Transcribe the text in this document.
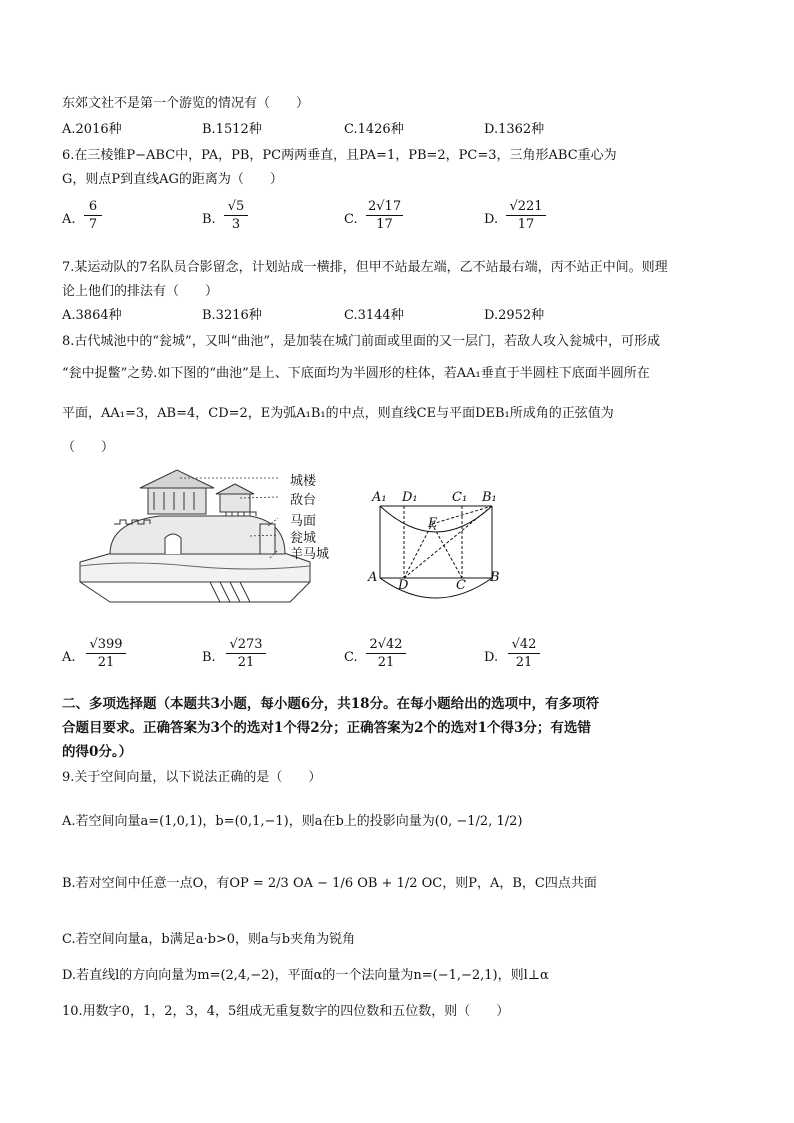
东郊文社不是第一个游览的情况有（　　）
A.2016种	B.1512种	C.1426种	D.1362种
6.在三棱锥P−ABC中，PA，PB，PC两两垂直，且PA=1，PB=2，PC=3，三角形ABC重心为
G，则点P到直线AG的距离为（　　）
A. $\frac{6}{7}$	B. $\frac{√5}{3}$	C. $\frac{2√17}{17}$	D. $\frac{√221}{17}$
7.某运动队的7名队员合影留念，计划站成一横排，但甲不站最左端，乙不站最右端，丙不站正中间。则理
论上他们的排法有（　　）
A.3864种	B.3216种	C.3144种	D.2952种
8.古代城池中的“瓮城”，又叫“曲池”，是加装在城门前面或里面的又一层门，若敌人攻入瓮城中，可形成
“瓮中捉鳖”之势.如下图的“曲池”是上、下底面均为半圆形的柱体，若AA₁垂直于半圆柱下底面半圆所在
平面，AA₁=3，AB=4，CD=2，E为弧A₁B₁的中点，则直线CE与平面DEB₁所成角的正弦值为
（　　）
城楼
敌台
马面
瓮城
羊马城
A₁ D₁	C₁ B₁
E
A
D	C
B
A. $\frac{√399}{21}$	B. $\frac{√273}{21}$	C. $\frac{2√42}{21}$	D. $\frac{√42}{21}$
二、多项选择题（本题共3小题，每小题6分，共18分。在每小题给出的选项中，有多项符
合题目要求。正确答案为3个的选对1个得2分；正确答案为2个的选对1个得3分；有选错
的得0分。）
9.关于空间向量，以下说法正确的是（　　）
A.若空间向量a=(1,0,1)，b=(0,1,−1)，则a在b上的投影向量为(0, −1/2, 1/2)
B.若对空间中任意一点O，有OP = 2/3 OA − 1/6 OB + 1/2 OC，则P，A，B，C四点共面
C.若空间向量a，b满足a·b>0，则a与b夹角为锐角
D.若直线l的方向向量为m=(2,4,−2)，平面α的一个法向量为n=(−1,−2,1)，则l⊥α
10.用数字0，1，2，3，4，5组成无重复数字的四位数和五位数，则（　　）
